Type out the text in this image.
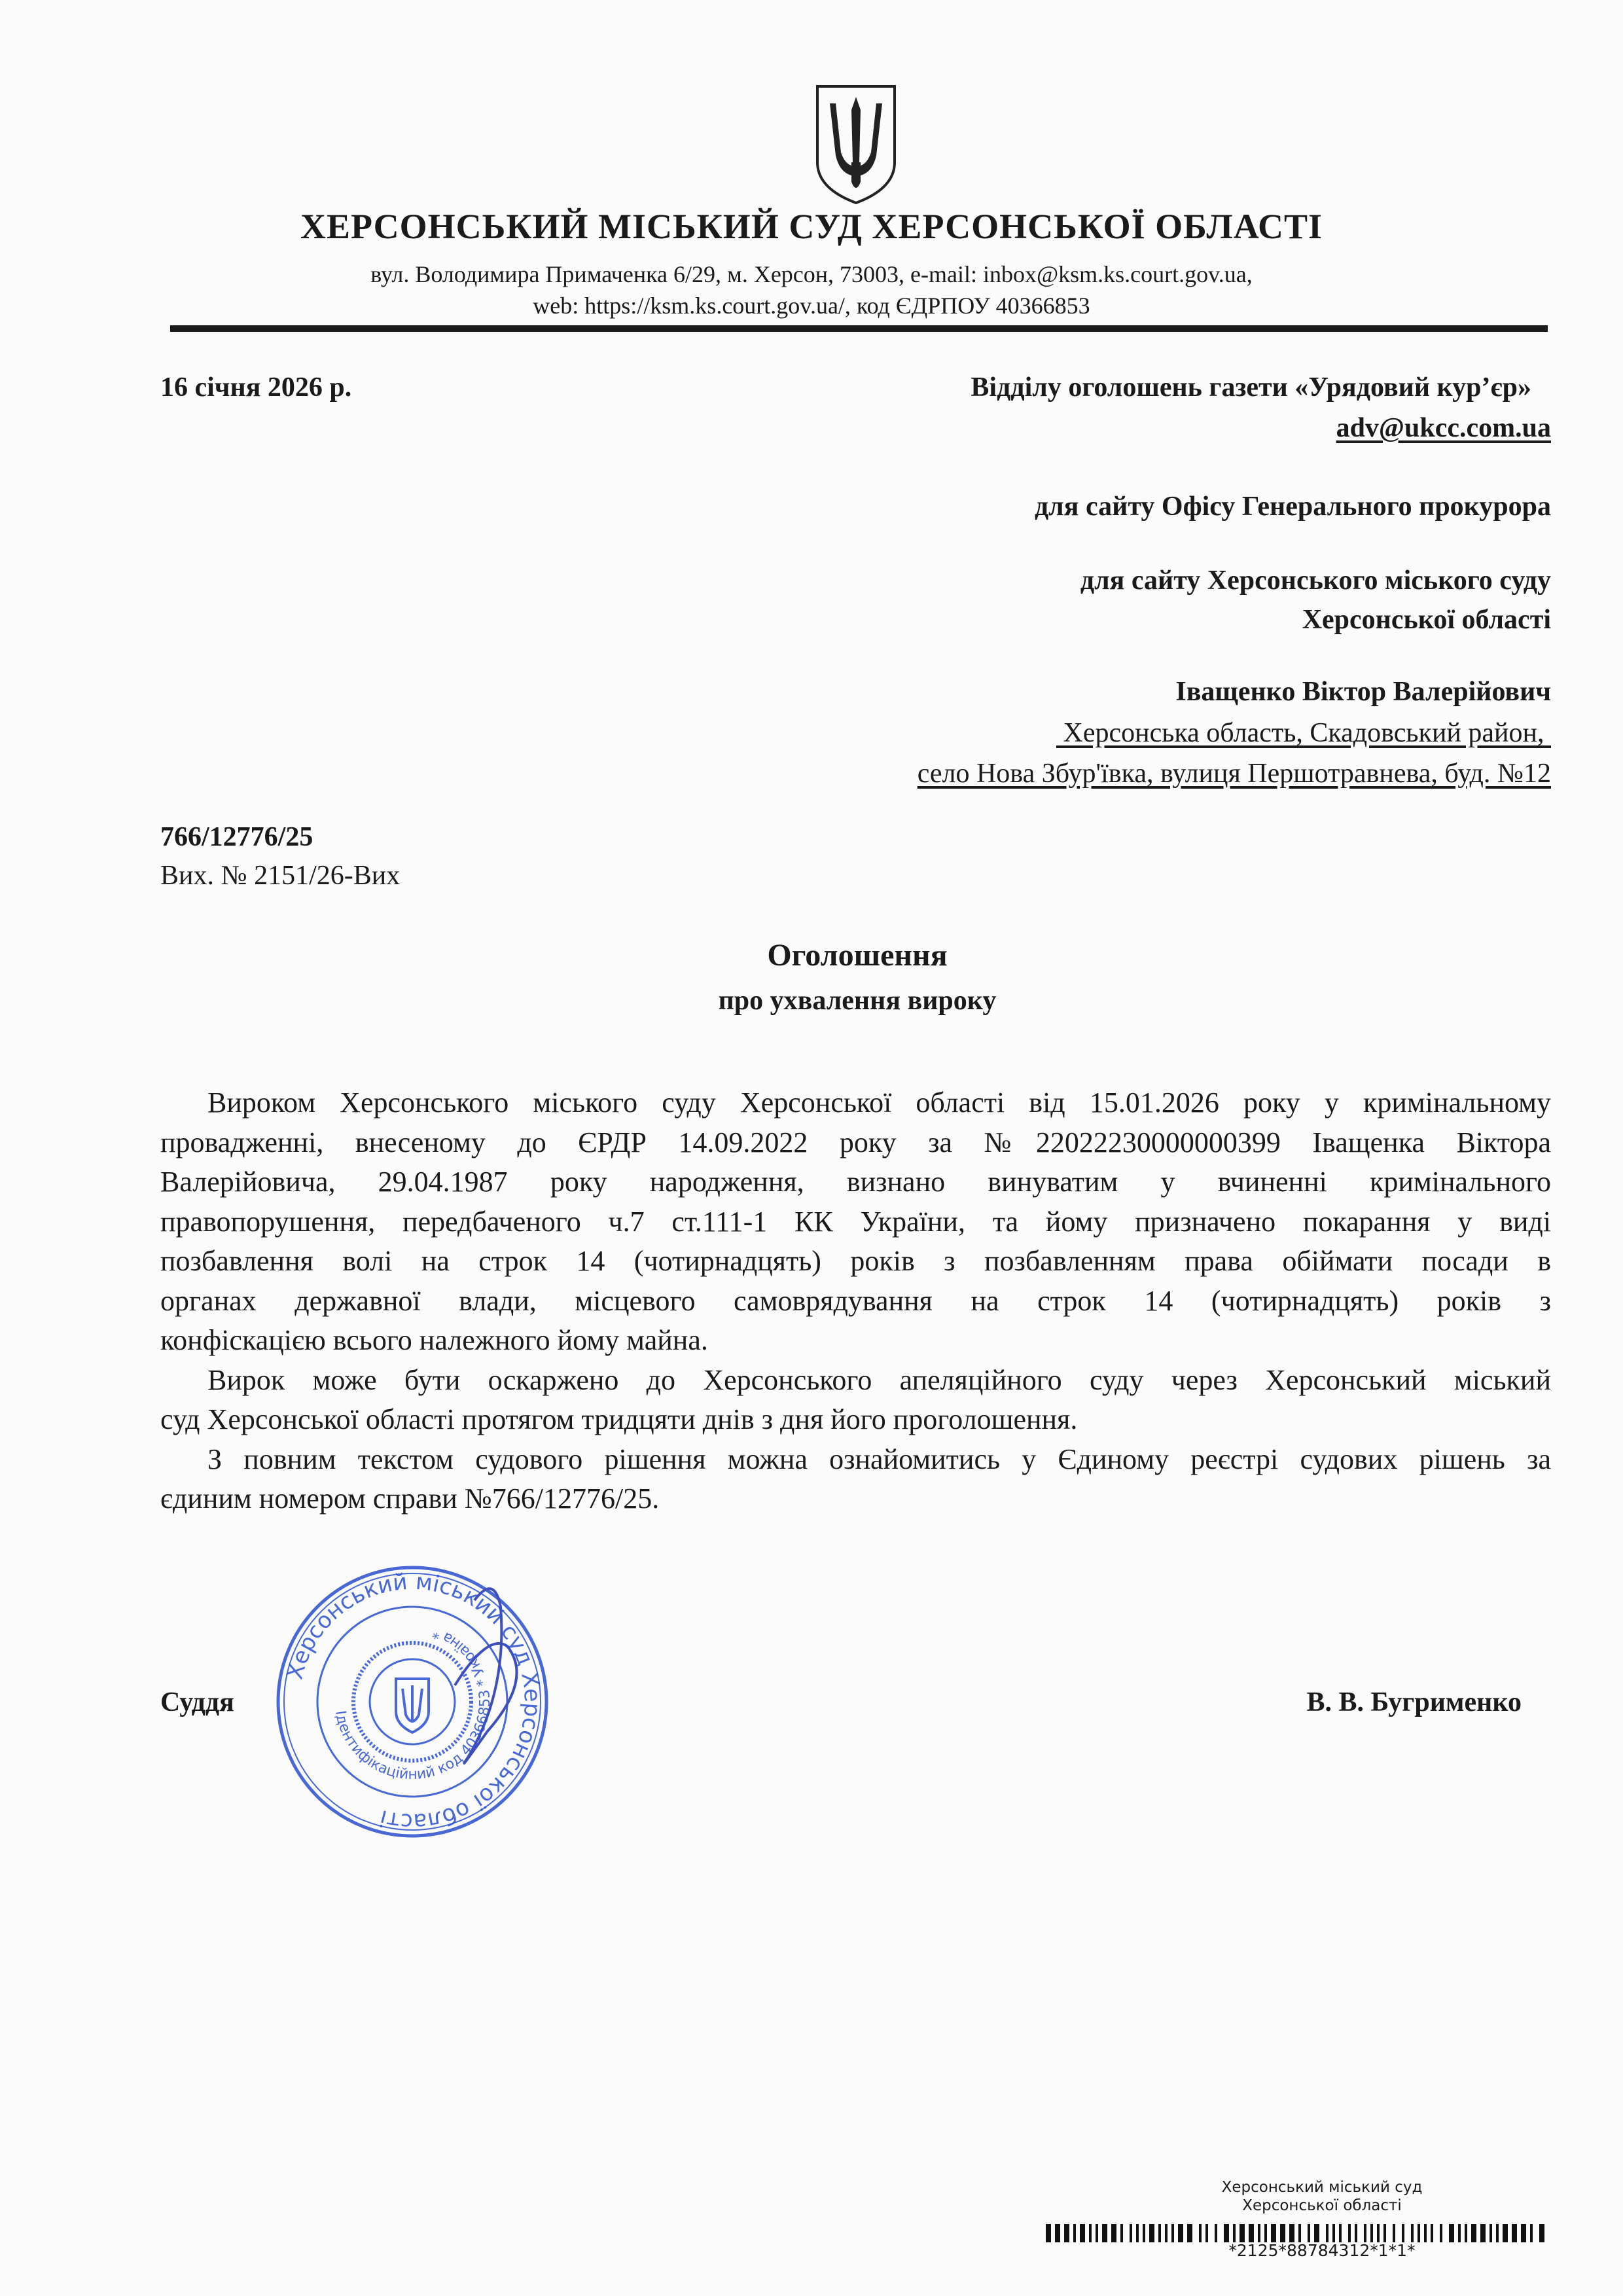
ХЕРСОНСЬКИЙ МІСЬКИЙ СУД ХЕРСОНСЬКОЇ ОБЛАСТІ
вул. Володимира Примаченка 6/29, м. Херсон, 73003, e-mail: inbox@ksm.ks.court.gov.ua,
web: https://ksm.ks.court.gov.ua/, код ЄДРПОУ 40366853
16 січня 2026 р.	Відділу оголошень газети «Урядовий кур’єр»
adv@ukcc.com.ua
для сайту Офісу Генерального прокурора
для сайту Херсонського міського суду
Херсонської області
Іващенко Віктор Валерійович
Херсонська область, Скадовський район,
село Нова Збур'ївка, вулиця Першотравнева, буд. №12
766/12776/25
Вих. № 2151/26-Вих
Оголошення
про ухвалення вироку
Вироком Херсонського міського суду Херсонської області від 15.01.2026 року у кримінальному
провадженні, внесеному до ЄРДР 14.09.2022 року за №22022230000000399 Іващенка Віктора
Валерійовича, 29.04.1987 року народження, визнано винуватим у вчиненні кримінального
правопорушення, передбаченого ч.7 ст.111-1 КК України, та йому призначено покарання у виді
позбавлення волі на строк 14 (чотирнадцять) років з позбавленням права обіймати посади в
органах державної влади, місцевого самоврядування на строк 14 (чотирнадцять) років з
конфіскацією всього належного йому майна.
Вирок може бути оскаржено до Херсонського апеляційного суду через Херсонський міський
суд Херсонської області протягом тридцяти днів з дня його проголошення.
З повним текстом судового рішення можна ознайомитись у Єдиному реєстрі судових рішень за
єдиним номером справи №766/12776/25.
Суддя	В. В. Бугрименко
Херсонський міський суд Херсонської області
Ідентифікаційний код 40366853 * Україна *
Херсонський міський суд
Херсонської області
*2125*88784312*1*1*
